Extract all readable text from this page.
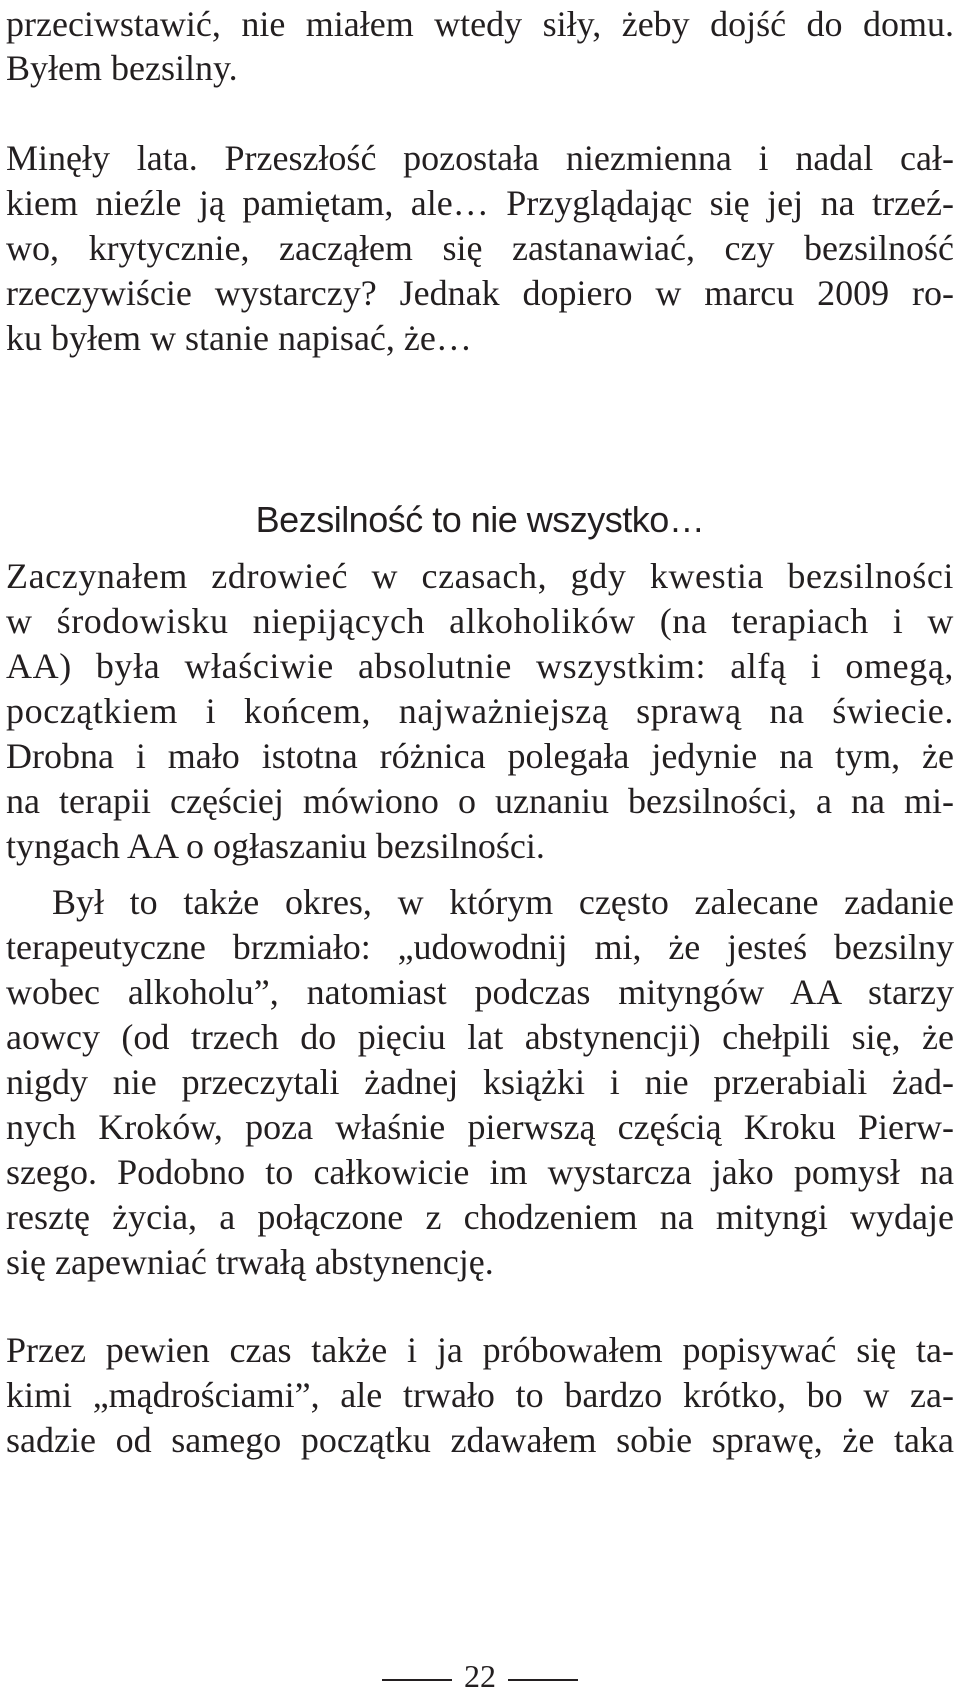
przeciwstawić, nie miałem wtedy siły, żeby dojść do domu.
Byłem bezsilny.
Minęły lata. Przeszłość pozostała niezmienna i nadal cał-
kiem nieźle ją pamiętam, ale… Przyglądając się jej na trzeź-
wo, krytycznie, zacząłem się zastanawiać, czy bezsilność
rzeczywiście wystarczy? Jednak dopiero w marcu 2009 ro-
ku byłem w stanie napisać, że…
Bezsilność to nie wszystko…
Zaczynałem zdrowieć w czasach, gdy kwestia bezsilności
w środowisku niepijących alkoholików (na terapiach i w
AA) była właściwie absolutnie wszystkim: alfą i omegą,
początkiem i końcem, najważniejszą sprawą na świecie.
Drobna i mało istotna różnica polegała jedynie na tym, że
na terapii częściej mówiono o uznaniu bezsilności, a na mi-
tyngach AA o ogłaszaniu bezsilności.
Był to także okres, w którym często zalecane zadanie
terapeutyczne brzmiało: „udowodnij mi, że jesteś bezsilny
wobec alkoholu”, natomiast podczas mityngów AA starzy
aowcy (od trzech do pięciu lat abstynencji) chełpili się, że
nigdy nie przeczytali żadnej książki i nie przerabiali żad-
nych Kroków, poza właśnie pierwszą częścią Kroku Pierw-
szego. Podobno to całkowicie im wystarcza jako pomysł na
resztę życia, a połączone z chodzeniem na mityngi wydaje
się zapewniać trwałą abstynencję.
Przez pewien czas także i ja próbowałem popisywać się ta-
kimi „mądrościami”, ale trwało to bardzo krótko, bo w za-
sadzie od samego początku zdawałem sobie sprawę, że taka
22
